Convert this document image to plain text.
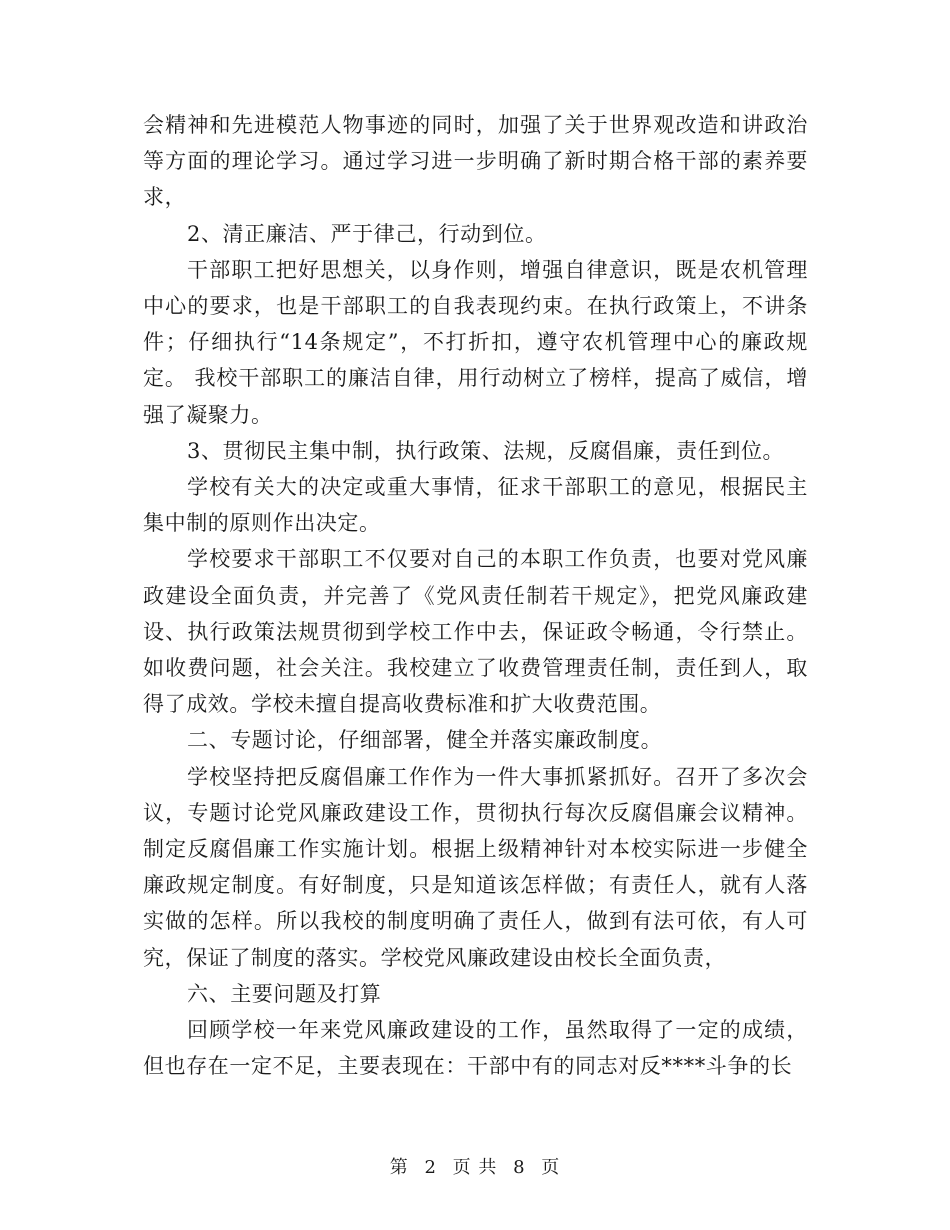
会精神和先进模范人物事迹的同时，加强了关于世界观改造和讲政治等方面的理论学习。通过学习进一步明确了新时期合格干部的素养要求，

2、清正廉洁、严于律己，行动到位。

干部职工把好思想关，以身作则，增强自律意识，既是农机管理中心的要求，也是干部职工的自我表现约束。在执行政策上，不讲条件；仔细执行“14条规定”，不打折扣，遵守农机管理中心的廉政规定。 我校干部职工的廉洁自律，用行动树立了榜样，提高了威信，增强了凝聚力。

3、贯彻民主集中制，执行政策、法规，反腐倡廉，责任到位。

学校有关大的决定或重大事情，征求干部职工的意见，根据民主集中制的原则作出决定。

学校要求干部职工不仅要对自己的本职工作负责，也要对党风廉政建设全面负责，并完善了《党风责任制若干规定》，把党风廉政建设、执行政策法规贯彻到学校工作中去，保证政令畅通，令行禁止。如收费问题，社会关注。我校建立了收费管理责任制，责任到人，取得了成效。学校未擅自提高收费标准和扩大收费范围。

二、专题讨论，仔细部署，健全并落实廉政制度。

学校坚持把反腐倡廉工作作为一件大事抓紧抓好。召开了多次会议，专题讨论党风廉政建设工作，贯彻执行每次反腐倡廉会议精神。制定反腐倡廉工作实施计划。根据上级精神针对本校实际进一步健全廉政规定制度。有好制度，只是知道该怎样做；有责任人，就有人落实做的怎样。所以我校的制度明确了责任人，做到有法可依，有人可究，保证了制度的落实。学校党风廉政建设由校长全面负责，

六、主要问题及打算

回顾学校一年来党风廉政建设的工作，虽然取得了一定的成绩，但也存在一定不足，主要表现在：干部中有的同志对反****斗争的长

第 2 页 共 8 页
